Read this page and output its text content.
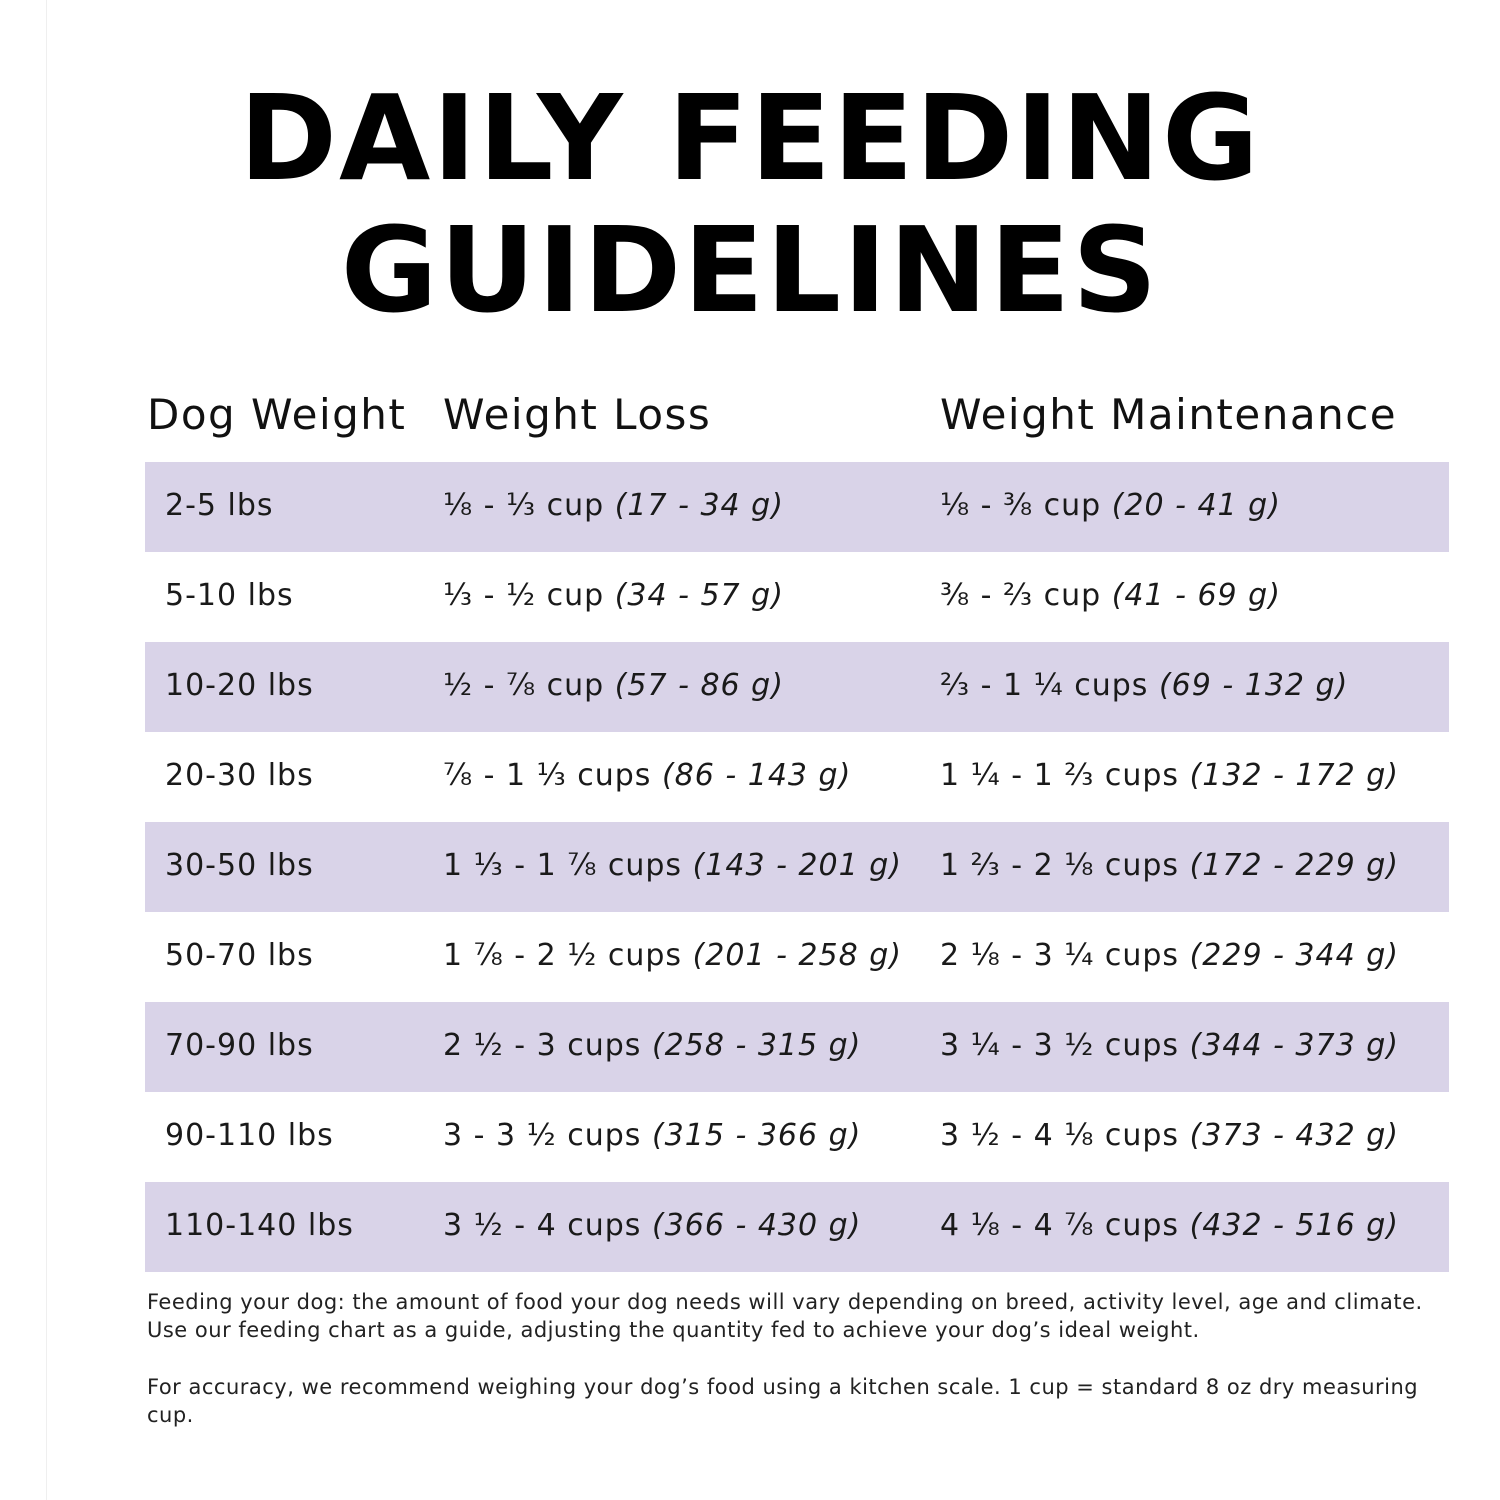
DAILY FEEDING
GUIDELINES
Dog Weight Weight Loss	Weight Maintenance
2-5 lbs	⅛ - ⅓ cup (17 - 34 g)	⅛ - ⅜ cup (20 - 41 g)
5-10 lbs	⅓ - ½ cup (34 - 57 g)	⅜ - ⅔ cup (41 - 69 g)
10-20 lbs	½ - ⅞ cup (57 - 86 g)	⅔ - 1 ¼ cups (69 - 132 g)
20-30 lbs	⅞ - 1 ⅓ cups (86 - 143 g)	1 ¼ - 1 ⅔ cups (132 - 172 g)
30-50 lbs	1 ⅓ - 1 ⅞ cups (143 - 201 g) 1 ⅔ - 2 ⅛ cups (172 - 229 g)
50-70 lbs	1 ⅞ - 2 ½ cups (201 - 258 g) 2 ⅛ - 3 ¼ cups (229 - 344 g)
70-90 lbs	2 ½ - 3 cups (258 - 315 g)	3 ¼ - 3 ½ cups (344 - 373 g)
90-110 lbs	3 - 3 ½ cups (315 - 366 g)	3 ½ - 4 ⅛ cups (373 - 432 g)
110-140 lbs	3 ½ - 4 cups (366 - 430 g)	4 ⅛ - 4 ⅞ cups (432 - 516 g)

Feeding your dog: the amount of food your dog needs will vary depending on breed, activity level, age and climate. Use our feeding chart as a guide, adjusting the quantity fed to achieve your dog’s ideal weight.

For accuracy, we recommend weighing your dog’s food using a kitchen scale. 1 cup = standard 8 oz dry measuring cup.
